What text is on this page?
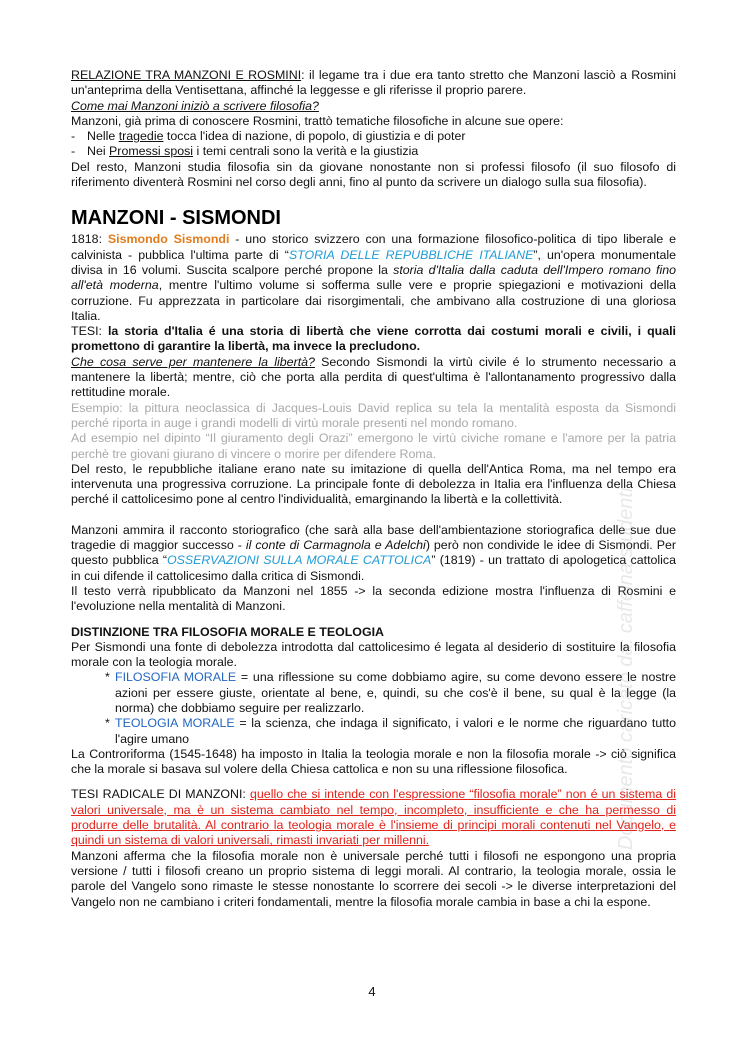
RELAZIONE TRA MANZONI E ROSMINI: il legame tra i due era tanto stretto che Manzoni lasciò a Rosmini un'anteprima della Ventisettana, affinché la leggesse e gli riferisse il proprio parere.

Come mai Manzoni iniziò a scrivere filosofia?

Manzoni, già prima di conoscere Rosmini, trattò tematiche filosofiche in alcune sue opere:

- Nelle tragedie tocca l'idea di nazione, di popolo, di giustizia e di poter

- Nei Promessi sposi i temi centrali sono la verità e la giustizia

Del resto, Manzoni studia filosofia sin da giovane nonostante non si professi filosofo (il suo filosofo di riferimento diventerà Rosmini nel corso degli anni, fino al punto da scrivere un dialogo sulla sua filosofia).

MANZONI - SISMONDI

1818: Sismondo Sismondi - uno storico svizzero con una formazione filosofico-politica di tipo liberale e calvinista - pubblica l'ultima parte di “STORIA DELLE REPUBBLICHE ITALIANE”, un'opera monumentale divisa in 16 volumi. Suscita scalpore perché propone la storia d'Italia dalla caduta dell'Impero romano fino all'età moderna, mentre l'ultimo volume si sofferma sulle vere e proprie spiegazioni e motivazioni della corruzione. Fu apprezzata in particolare dai risorgimentali, che ambivano alla costruzione di una gloriosa Italia.

TESI: la storia d'Italia é una storia di libertà che viene corrotta dai costumi morali e civili, i quali promettono di garantire la libertà, ma invece la precludono.

Che cosa serve per mantenere la libertà? Secondo Sismondi la virtù civile é lo strumento necessario a mantenere la libertà; mentre, ciò che porta alla perdita di quest'ultima è l'allontanamento progressivo dalla rettitudine morale.

Esempio: la pittura neoclassica di Jacques-Louis David replica su tela la mentalità esposta da Sismondi perché riporta in auge i grandi modelli di virtù morale presenti nel mondo romano.

Ad esempio nel dipinto “Il giuramento degli Orazi” emergono le virtù civiche romane e l'amore per la patria perchè tre giovani giurano di vincere o morire per difendere Roma.

Del resto, le repubbliche italiane erano nate su imitazione di quella dell'Antica Roma, ma nel tempo era intervenuta una progressiva corruzione. La principale fonte di debolezza in Italia era l'influenza della Chiesa perché il cattolicesimo pone al centro l'individualità, emarginando la libertà e la collettività.

Manzoni ammira il racconto storiografico (che sarà alla base dell'ambientazione storiografica delle sue due tragedie di maggior successo - il conte di Carmagnola e Adelchi) però non condivide le idee di Sismondi. Per questo pubblica “OSSERVAZIONI SULLA MORALE CATTOLICA” (1819) - un trattato di apologetica cattolica in cui difende il cattolicesimo dalla critica di Sismondi.

Il testo verrà ripubblicato da Manzoni nel 1855 -> la seconda edizione mostra l'influenza di Rosmini e l'evoluzione nella mentalità di Manzoni.

DISTINZIONE TRA FILOSOFIA MORALE E TEOLOGIA

Per Sismondi una fonte di debolezza introdotta dal cattolicesimo é legata al desiderio di sostituire la filosofia morale con la teologia morale.

* FILOSOFIA MORALE = una riflessione su come dobbiamo agire, su come devono essere le nostre azioni per essere giuste, orientate al bene, e, quindi, su che cos'è il bene, su qual è la legge (la norma) che dobbiamo seguire per realizzarlo.

* TEOLOGIA MORALE = la scienza, che indaga il significato, i valori e le norme che riguardano tutto l'agire umano

La Controriforma (1545-1648) ha imposto in Italia la teologia morale e non la filosofia morale -> ciò significa che la morale si basava sul volere della Chiesa cattolica e non su una riflessione filosofica.

TESI RADICALE DI MANZONI: quello che si intende con l'espressione “filosofia morale” non é un sistema di valori universale, ma è un sistema cambiato nel tempo, incompleto, insufficiente e che ha permesso di produrre delle brutalità. Al contrario la teologia morale è l'insieme di principi morali contenuti nel Vangelo, e quindi un sistema di valori universali, rimasti invariati per millenni.

Manzoni afferma che la filosofia morale non è universale perché tutti i filosofi ne espongono una propria versione / tutti i filosofi creano un proprio sistema di leggi morali. Al contrario, la teologia morale, ossia le parole del Vangelo sono rimaste le stesse nonostante lo scorrere dei secoli -> le diverse interpretazioni del Vangelo non ne cambiano i criteri fondamentali, mentre la filosofia morale cambia in base a chi la espone.

Documento caricato da: caffeina.studenti
4
